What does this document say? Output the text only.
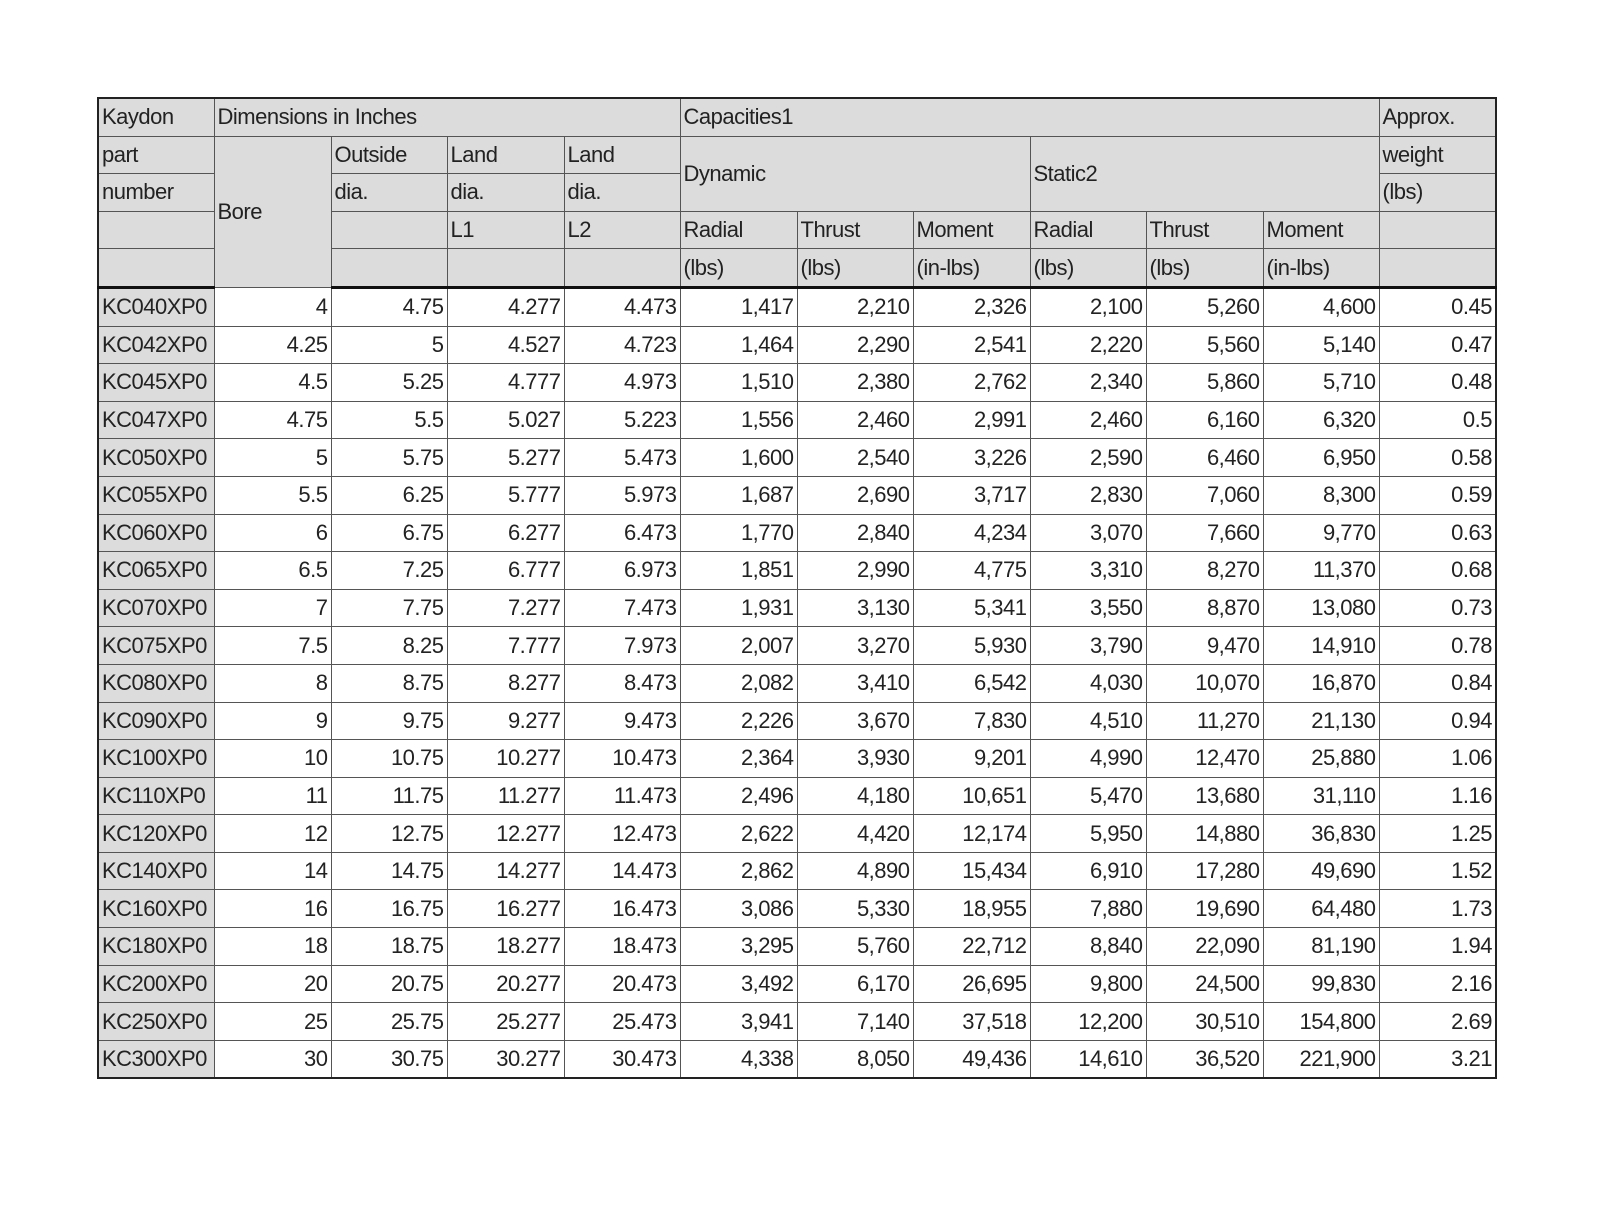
Kaydon	Dimensions in Inches				Capacities1						Approx.
part	Bore	Outside	Land	Land	Dynamic			Static2			weight
number		dia.	dia.	dia.							(lbs)
			L1	L2	Radial	Thrust	Moment	Radial	Thrust	Moment	
					(lbs)	(lbs)	(in-lbs)	(lbs)	(lbs)	(in-lbs)	
KC040XP0	4	4.75	4.277	4.473	1,417	2,210	2,326	2,100	5,260	4,600	0.45
KC042XP0	4.25	5	4.527	4.723	1,464	2,290	2,541	2,220	5,560	5,140	0.47
KC045XP0	4.5	5.25	4.777	4.973	1,510	2,380	2,762	2,340	5,860	5,710	0.48
KC047XP0	4.75	5.5	5.027	5.223	1,556	2,460	2,991	2,460	6,160	6,320	0.5
KC050XP0	5	5.75	5.277	5.473	1,600	2,540	3,226	2,590	6,460	6,950	0.58
KC055XP0	5.5	6.25	5.777	5.973	1,687	2,690	3,717	2,830	7,060	8,300	0.59
KC060XP0	6	6.75	6.277	6.473	1,770	2,840	4,234	3,070	7,660	9,770	0.63
KC065XP0	6.5	7.25	6.777	6.973	1,851	2,990	4,775	3,310	8,270	11,370	0.68
KC070XP0	7	7.75	7.277	7.473	1,931	3,130	5,341	3,550	8,870	13,080	0.73
KC075XP0	7.5	8.25	7.777	7.973	2,007	3,270	5,930	3,790	9,470	14,910	0.78
KC080XP0	8	8.75	8.277	8.473	2,082	3,410	6,542	4,030	10,070	16,870	0.84
KC090XP0	9	9.75	9.277	9.473	2,226	3,670	7,830	4,510	11,270	21,130	0.94
KC100XP0	10	10.75	10.277	10.473	2,364	3,930	9,201	4,990	12,470	25,880	1.06
KC110XP0	11	11.75	11.277	11.473	2,496	4,180	10,651	5,470	13,680	31,110	1.16
KC120XP0	12	12.75	12.277	12.473	2,622	4,420	12,174	5,950	14,880	36,830	1.25
KC140XP0	14	14.75	14.277	14.473	2,862	4,890	15,434	6,910	17,280	49,690	1.52
KC160XP0	16	16.75	16.277	16.473	3,086	5,330	18,955	7,880	19,690	64,480	1.73
KC180XP0	18	18.75	18.277	18.473	3,295	5,760	22,712	8,840	22,090	81,190	1.94
KC200XP0	20	20.75	20.277	20.473	3,492	6,170	26,695	9,800	24,500	99,830	2.16
KC250XP0	25	25.75	25.277	25.473	3,941	7,140	37,518	12,200	30,510	154,800	2.69
KC300XP0	30	30.75	30.277	30.473	4,338	8,050	49,436	14,610	36,520	221,900	3.21
